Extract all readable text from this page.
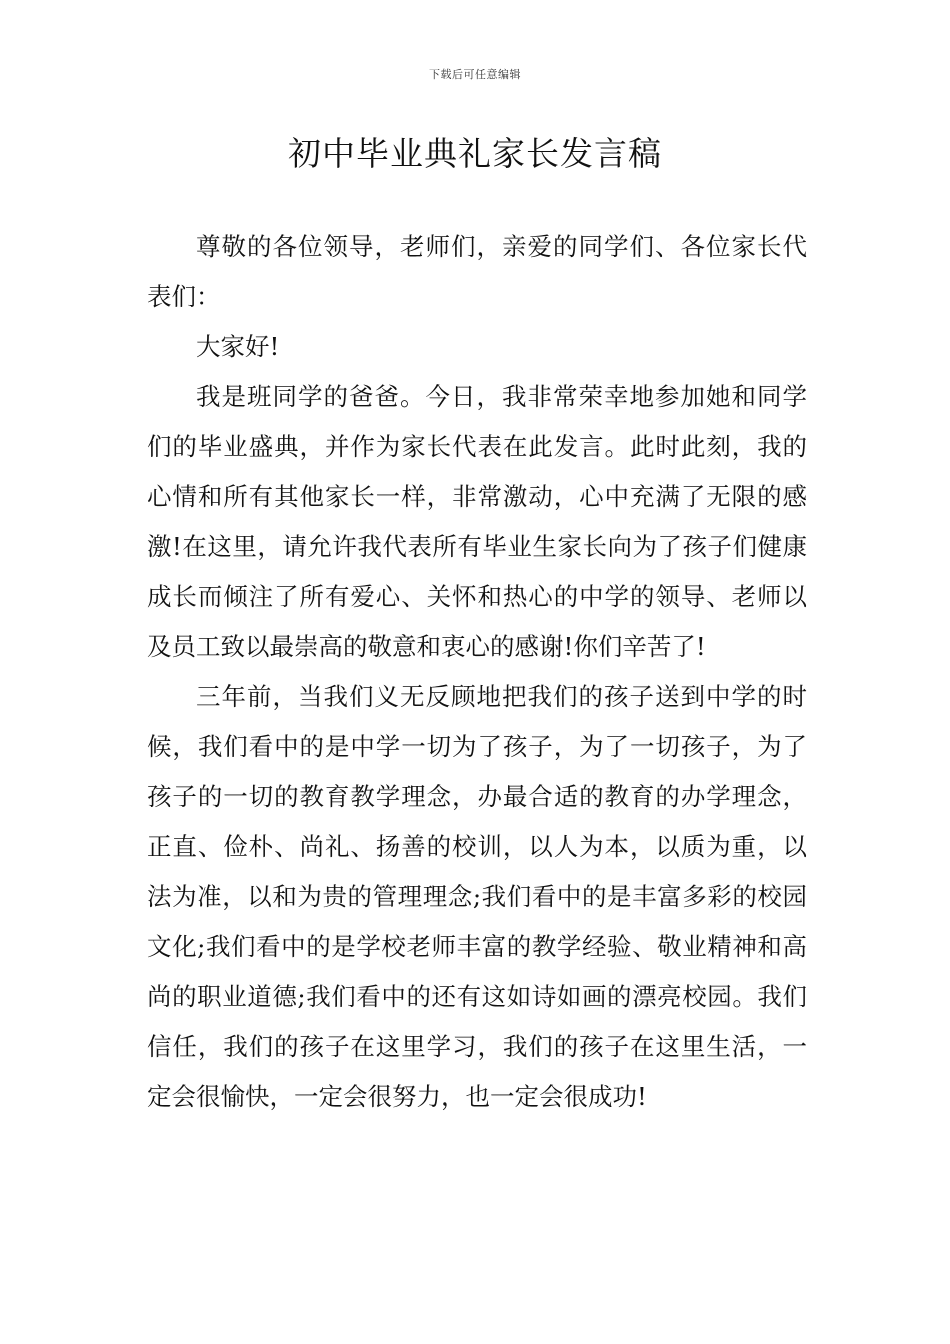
下载后可任意编辑
初中毕业典礼家长发言稿

尊敬的各位领导，老师们，亲爱的同学们、各位家长代表们：

大家好!

我是班同学的爸爸。今日，我非常荣幸地参加她和同学们的毕业盛典，并作为家长代表在此发言。此时此刻，我的心情和所有其他家长一样，非常激动，心中充满了无限的感激!在这里，请允许我代表所有毕业生家长向为了孩子们健康成长而倾注了所有爱心、关怀和热心的中学的领导、老师以及员工致以最崇高的敬意和衷心的感谢!你们辛苦了!

三年前，当我们义无反顾地把我们的孩子送到中学的时候，我们看中的是中学一切为了孩子，为了一切孩子，为了孩子的一切的教育教学理念，办最合适的教育的办学理念，正直、俭朴、尚礼、扬善的校训，以人为本，以质为重，以法为准，以和为贵的管理理念;我们看中的是丰富多彩的校园文化;我们看中的是学校老师丰富的教学经验、敬业精神和高尚的职业道德;我们看中的还有这如诗如画的漂亮校园。我们信任，我们的孩子在这里学习，我们的孩子在这里生活，一定会很愉快，一定会很努力，也一定会很成功!
